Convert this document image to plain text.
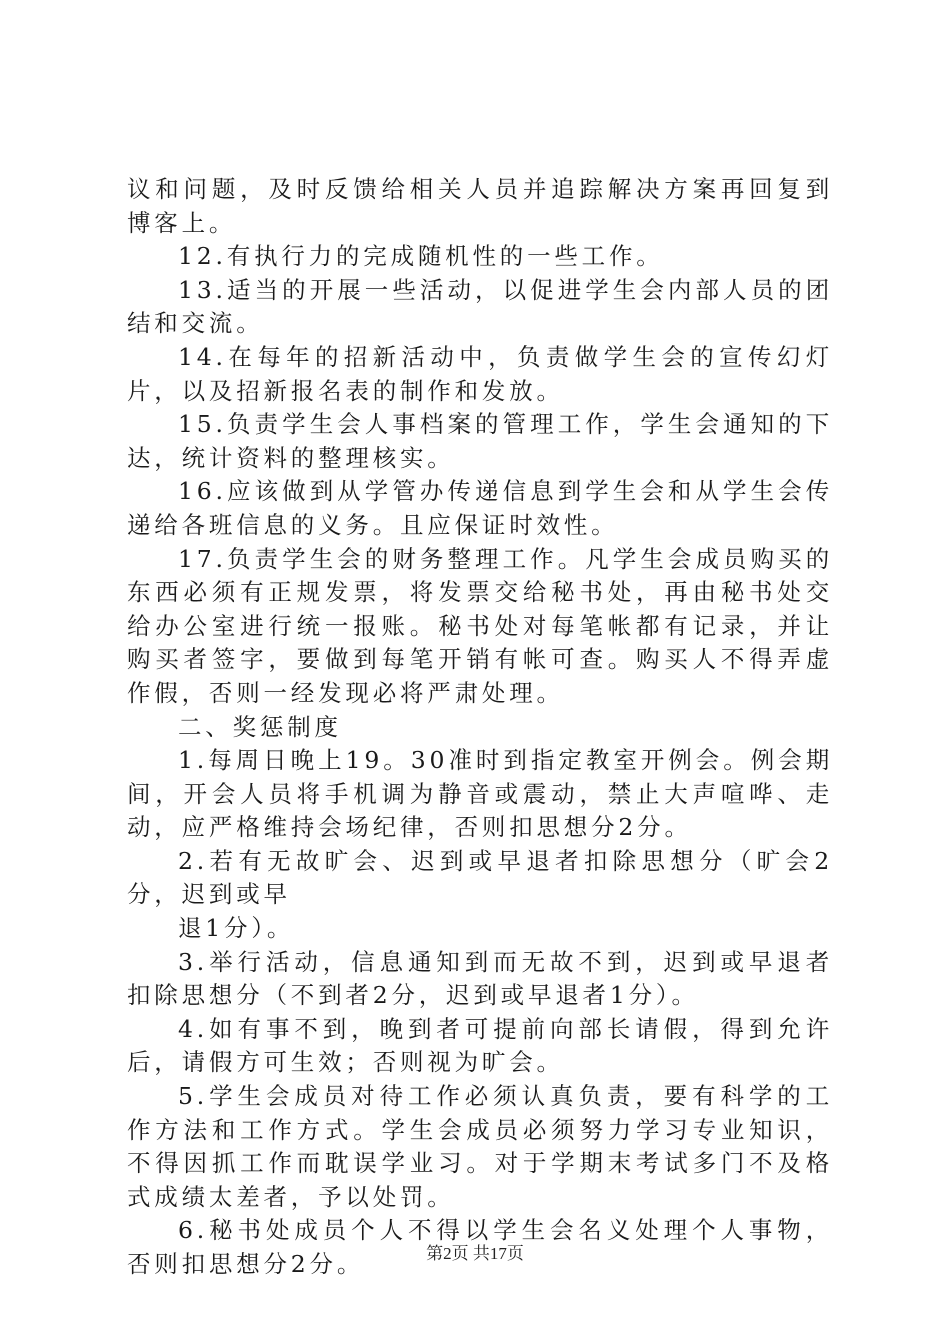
议和问题，及时反馈给相关人员并追踪解决方案再回复到博客上。

12.有执行力的完成随机性的一些工作。

13.适当的开展一些活动，以促进学生会内部人员的团结和交流。

14.在每年的招新活动中，负责做学生会的宣传幻灯片，以及招新报名表的制作和发放。

15.负责学生会人事档案的管理工作，学生会通知的下达，统计资料的整理核实。

16.应该做到从学管办传递信息到学生会和从学生会传递给各班信息的义务。且应保证时效性。

17.负责学生会的财务整理工作。凡学生会成员购买的东西必须有正规发票，将发票交给秘书处，再由秘书处交给办公室进行统一报账。秘书处对每笔帐都有记录，并让购买者签字，要做到每笔开销有帐可查。购买人不得弄虚作假，否则一经发现必将严肃处理。

二、奖惩制度

1.每周日晚上19。30准时到指定教室开例会。例会期间，开会人员将手机调为静音或震动，禁止大声喧哗、走动，应严格维持会场纪律，否则扣思想分2分。

2.若有无故旷会、迟到或早退者扣除思想分（旷会2分，迟到或早

退1分）。

3.举行活动，信息通知到而无故不到，迟到或早退者扣除思想分（不到者2分，迟到或早退者1分）。

4.如有事不到，晚到者可提前向部长请假，得到允许后，请假方可生效；否则视为旷会。

5.学生会成员对待工作必须认真负责，要有科学的工作方法和工作方式。学生会成员必须努力学习专业知识，不得因抓工作而耽误学业习。对于学期末考试多门不及格式成绩太差者，予以处罚。

6.秘书处成员个人不得以学生会名义处理个人事物，否则扣思想分2分。	第2页 共17页
